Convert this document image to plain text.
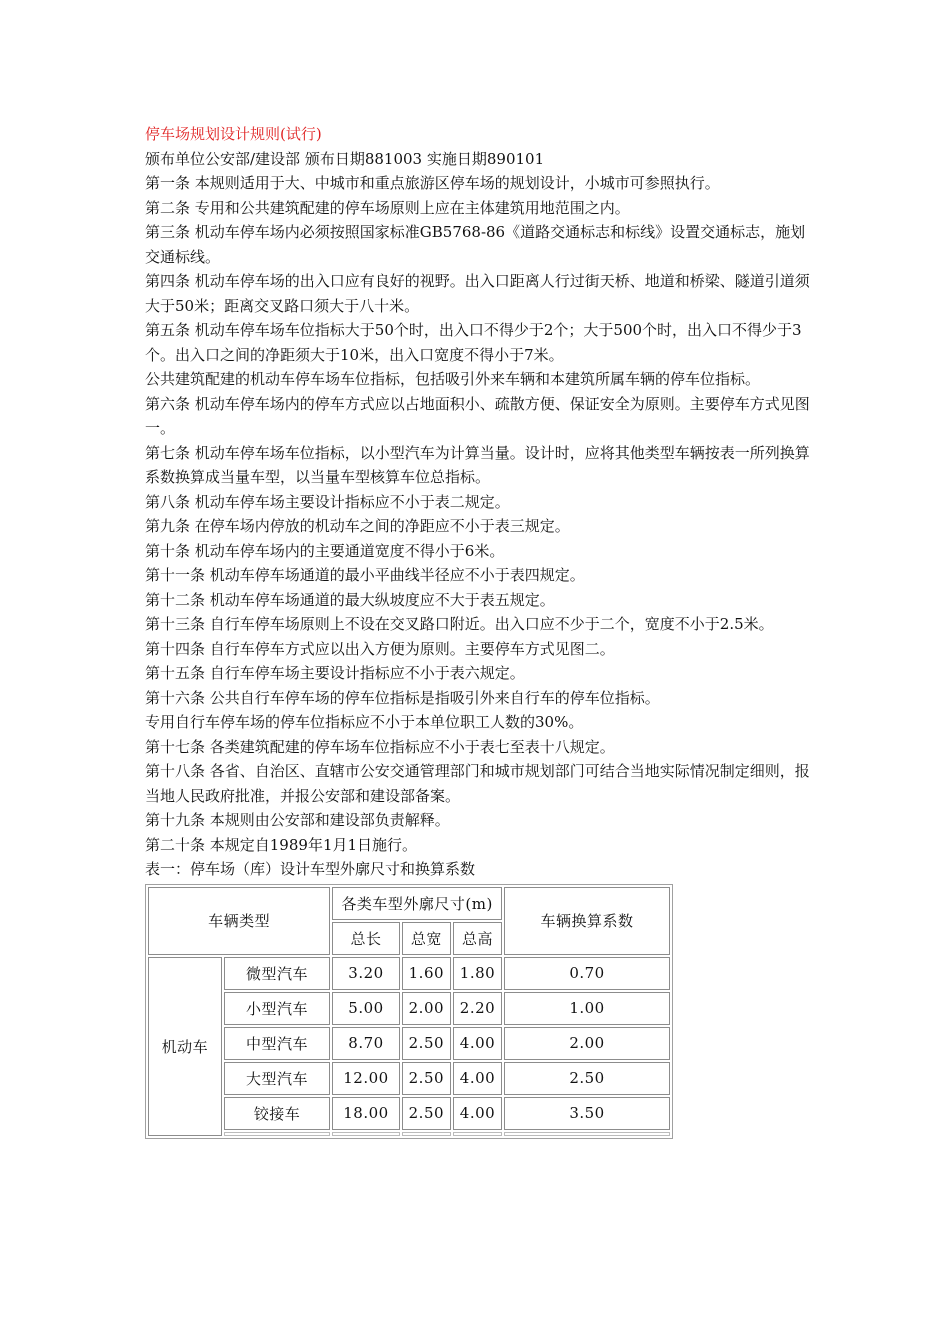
停车场规划设计规则(试行)

颁布单位公安部/建设部 颁布日期881003 实施日期890101

第一条 本规则适用于大、中城市和重点旅游区停车场的规划设计，小城市可参照执行。

第二条 专用和公共建筑配建的停车场原则上应在主体建筑用地范围之内。

第三条 机动车停车场内必须按照国家标准GB5768-86《道路交通标志和标线》设置交通标志，施划交通标线。

第四条 机动车停车场的出入口应有良好的视野。出入口距离人行过街天桥、地道和桥梁、隧道引道须大于50米；距离交叉路口须大于八十米。

第五条 机动车停车场车位指标大于50个时，出入口不得少于2个；大于500个时，出入口不得少于3个。出入口之间的净距须大于10米，出入口宽度不得小于7米。

公共建筑配建的机动车停车场车位指标，包括吸引外来车辆和本建筑所属车辆的停车位指标。

第六条 机动车停车场内的停车方式应以占地面积小、疏散方便、保证安全为原则。主要停车方式见图一。

第七条 机动车停车场车位指标，以小型汽车为计算当量。设计时，应将其他类型车辆按表一所列换算系数换算成当量车型，以当量车型核算车位总指标。

第八条 机动车停车场主要设计指标应不小于表二规定。

第九条 在停车场内停放的机动车之间的净距应不小于表三规定。

第十条 机动车停车场内的主要通道宽度不得小于6米。

第十一条 机动车停车场通道的最小平曲线半径应不小于表四规定。

第十二条 机动车停车场通道的最大纵坡度应不大于表五规定。

第十三条 自行车停车场原则上不设在交叉路口附近。出入口应不少于二个，宽度不小于2.5米。

第十四条 自行车停车方式应以出入方便为原则。主要停车方式见图二。

第十五条 自行车停车场主要设计指标应不小于表六规定。

第十六条 公共自行车停车场的停车位指标是指吸引外来自行车的停车位指标。

专用自行车停车场的停车位指标应不小于本单位职工人数的30%。

第十七条 各类建筑配建的停车场车位指标应不小于表七至表十八规定。

第十八条 各省、自治区、直辖市公安交通管理部门和城市规划部门可结合当地实际情况制定细则，报当地人民政府批准，并报公安部和建设部备案。

第十九条 本规则由公安部和建设部负责解释。

第二十条 本规定自1989年1月1日施行。

表一：停车场（库）设计车型外廓尺寸和换算系数

车辆类型		各类车型外廓尺寸(m)			车辆换算系数
		总长	总宽	总高	
机动车	微型汽车	3.20	1.60	1.80	0.70
	小型汽车	5.00	2.00	2.20	1.00
	中型汽车	8.70	2.50	4.00	2.00
	大型汽车	12.00	2.50	4.00	2.50
	铰接车	18.00	2.50	4.00	3.50
